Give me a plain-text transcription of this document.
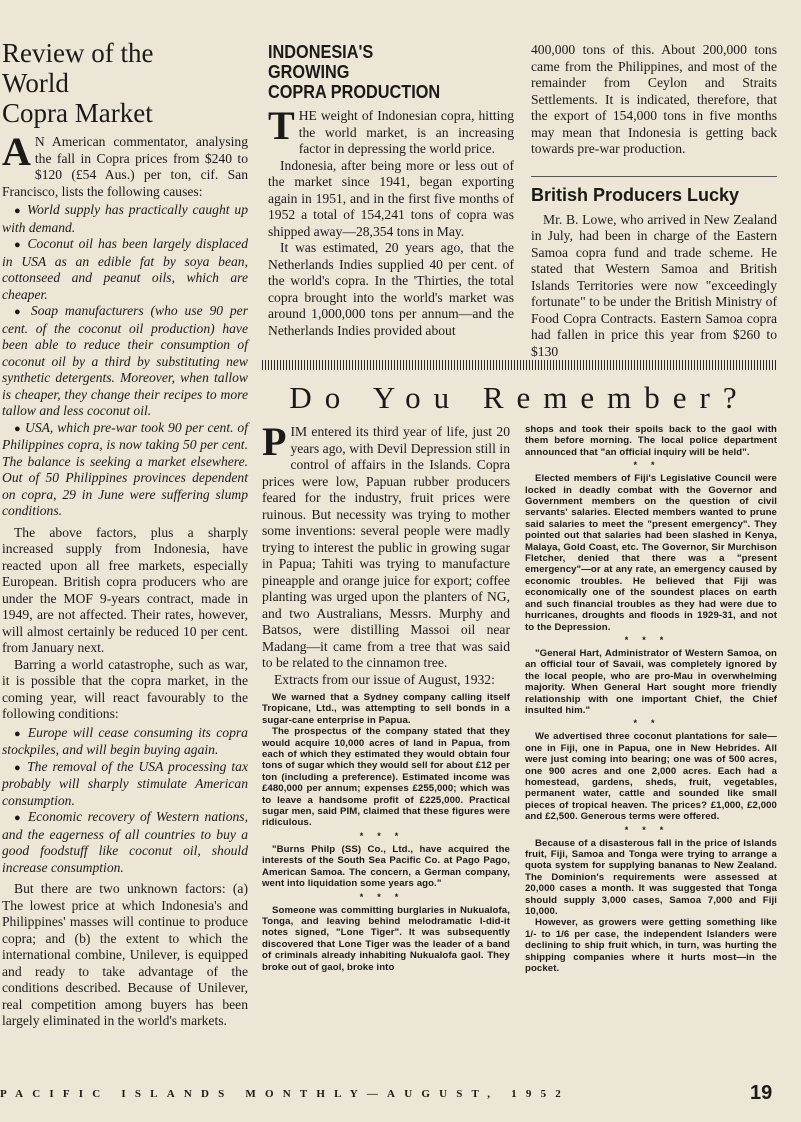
Review of the
World
Copra Market

A N American commentator, analysing the fall in Copra prices from $240 to $120 (£54 Aus.) per ton, cif. San Francisco, lists the following causes:

● World supply has practically caught up with demand.

● Coconut oil has been largely displaced in USA as an edible fat by soya bean, cottonseed and peanut oils, which are cheaper.

● Soap manufacturers (who use 90 per cent. of the coconut oil production) have been able to reduce their consumption of coconut oil by a third by substituting new synthetic detergents. Moreover, when tallow is cheaper, they change their recipes to more tallow and less coconut oil.

● USA, which pre-war took 90 per cent. of Philippines copra, is now taking 50 per cent. The balance is seeking a market elsewhere. Out of 50 Philippines provinces dependent on copra, 29 in June were suffering slump conditions.

The above factors, plus a sharply increased supply from Indonesia, have reacted upon all free markets, especially European. British copra producers who are under the MOF 9-years contract, made in 1949, are not affected. Their rates, however, will almost certainly be reduced 10 per cent. from January next.

Barring a world catastrophe, such as war, it is possible that the copra market, in the coming year, will react favourably to the following conditions:

● Europe will cease consuming its copra stockpiles, and will begin buying again.

● The removal of the USA processing tax probably will sharply stimulate American consumption.

● Economic recovery of Western nations, and the eagerness of all countries to buy a good foodstuff like coconut oil, should increase consumption.

But there are two unknown factors: (a) The lowest price at which Indonesia's and Philippines' masses will continue to produce copra; and (b) the extent to which the international combine, Unilever, is equipped and ready to take advantage of the conditions described. Because of Unilever, real competition among buyers has been largely eliminated in the world's markets.

INDONESIA'S
GROWING
COPRA PRODUCTION

THE weight of Indonesian copra, hitting the world market, is an increasing factor in depressing the world price.

Indonesia, after being more or less out of the market since 1941, began exporting again in 1951, and in the first five months of 1952 a total of 154,241 tons of copra was shipped away—28,354 tons in May.

It was estimated, 20 years ago, that the Netherlands Indies supplied 40 per cent. of the world's copra. In the 'Thirties, the total copra brought into the world's market was around 1,000,000 tons per annum—and the Netherlands Indies provided about

400,000 tons of this. About 200,000 tons came from the Philippines, and most of the remainder from Ceylon and Straits Settlements. It is indicated, therefore, that the export of 154,000 tons in five months may mean that Indonesia is getting back towards pre-war production.

British Producers Lucky

Mr. B. Lowe, who arrived in New Zealand in July, had been in charge of the Eastern Samoa copra fund and trade scheme. He stated that Western Samoa and British Islands Territories were now "exceedingly fortunate" to be under the British Ministry of Food Copra Contracts. Eastern Samoa copra had fallen in price this year from $260 to $130

Do You Remember?

PIM entered its third year of life, just 20 years ago, with Devil Depression still in control of affairs in the Islands. Copra prices were low, Papuan rubber producers feared for the industry, fruit prices were ruinous. But necessity was trying to mother some inventions: several people were madly trying to interest the public in growing sugar in Papua; Tahiti was trying to manufacture pineapple and orange juice for export; coffee planting was urged upon the planters of NG, and two Australians, Messrs. Murphy and Batsos, were distilling Massoi oil near Madang—it came from a tree that was said to be related to the cinnamon tree.

Extracts from our issue of August, 1932:

We warned that a Sydney company calling itself Tropicane, Ltd., was attempting to sell bonds in a sugar-cane enterprise in Papua.

The prospectus of the company stated that they would acquire 10,000 acres of land in Papua, from each of which they estimated they would obtain four tons of sugar which they would sell for about £12 per ton (including a preference). Estimated income was £480,000 per annum; expenses £255,000; which was to leave a handsome profit of £225,000. Practical sugar men, said PIM, claimed that these figures were ridiculous.

***

"Burns Philp (SS) Co., Ltd., have acquired the interests of the South Sea Pacific Co. at Pago Pago, American Samoa. The concern, a German company, went into liquidation some years ago."

***

Someone was committing burglaries in Nukualofa, Tonga, and leaving behind melodramatic I-did-it notes signed, "Lone Tiger". It was subsequently discovered that Lone Tiger was the leader of a band of criminals already inhabiting Nukualofa gaol. They broke out of gaol, broke into

shops and took their spoils back to the gaol with them before morning. The local police department announced that "an official inquiry will be held".

**

Elected members of Fiji's Legislative Council were locked in deadly combat with the Governor and Government members on the question of civil servants' salaries. Elected members wanted to prune said salaries to meet the "present emergency". They pointed out that salaries had been slashed in Kenya, Malaya, Gold Coast, etc. The Governor, Sir Murchison Fletcher, denied that there was a "present emergency"—or at any rate, an emergency caused by economic troubles. He believed that Fiji was economically one of the soundest places on earth and such financial troubles as they had were due to hurricanes, droughts and floods in 1929-31, and not to the Depression.

***

"General Hart, Administrator of Western Samoa, on an official tour of Savaii, was completely ignored by the local people, who are pro-Mau in overwhelming majority. When General Hart sought more friendly relationship with one important Chief, the Chief insulted him."

**

We advertised three coconut plantations for sale—one in Fiji, one in Papua, one in New Hebrides. All were just coming into bearing; one was of 500 acres, one 900 acres and one 2,000 acres. Each had a homestead, gardens, sheds, fruit, vegetables, permanent water, cattle and sounded like small pieces of tropical heaven. The prices? £1,000, £2,000 and £2,500. Generous terms were offered.

***

Because of a disasterous fall in the price of Islands fruit, Fiji, Samoa and Tonga were trying to arrange a quota system for supplying bananas to New Zealand. The Dominion's requirements were assessed at 20,000 cases a month. It was suggested that Tonga should supply 3,000 cases, Samoa 7,000 and Fiji 10,000.

However, as growers were getting something like 1/- to 1/6 per case, the independent Islanders were declining to ship fruit which, in turn, was hurting the shipping companies where it hurts most—in the pocket.

PACIFIC ISLANDS MONTHLY—AUGUST, 1952	19
